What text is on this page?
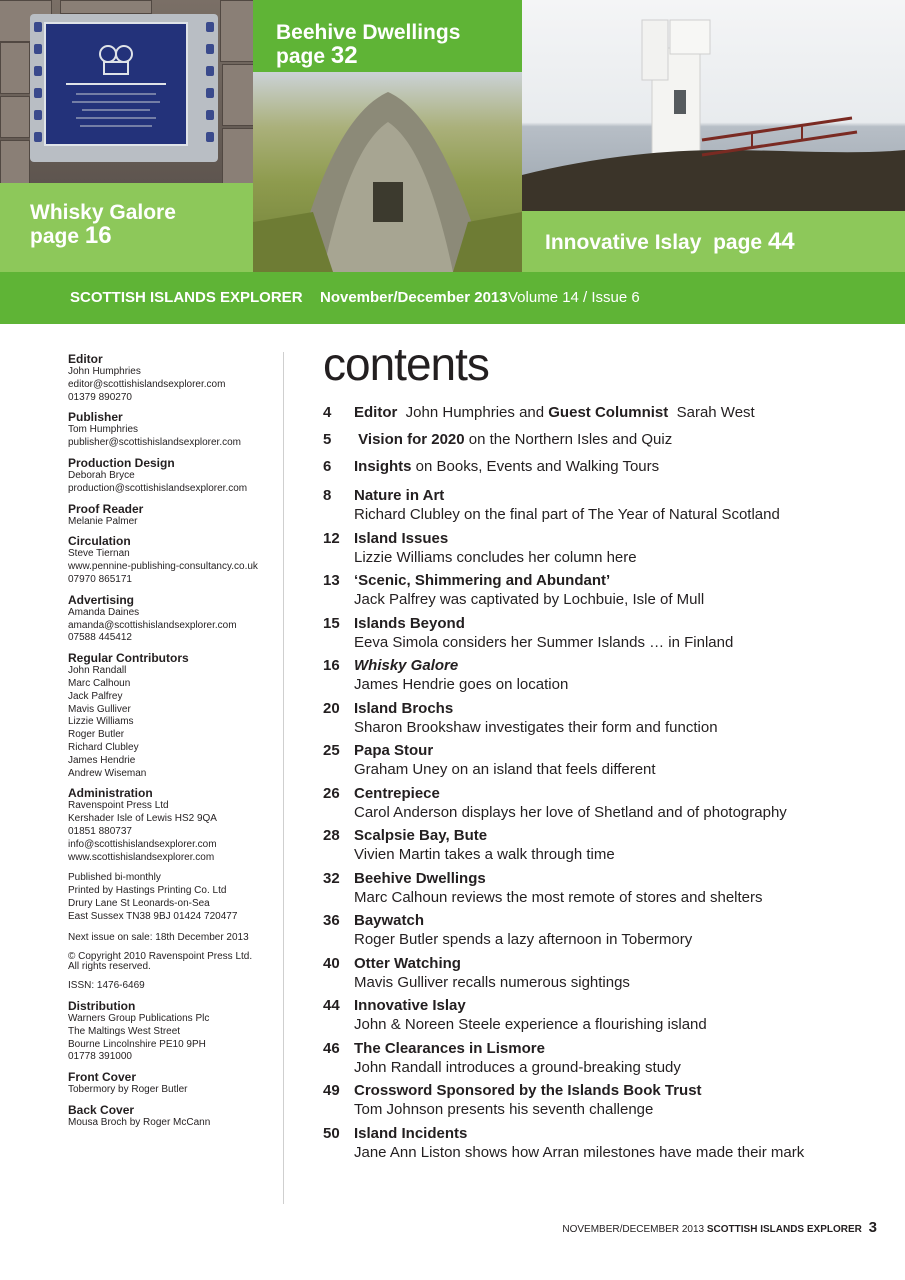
Whisky Galore
page 16
Beehive Dwellings
page 32
Innovative Islay page 44
SCOTTISH ISLANDS EXPLORER November/December 2013 Volume 14 / Issue 6

Editor

John Humphries

editor@scottishislandsexplorer.com

01379 890270

Publisher

Tom Humphries

publisher@scottishislandsexplorer.com

Production Design

Deborah Bryce

production@scottishislandsexplorer.com

Proof Reader

Melanie Palmer

Circulation

Steve Tiernan

www.pennine-publishing-consultancy.co.uk

07970 865171

Advertising

Amanda Daines

amanda@scottishislandsexplorer.com

07588 445412

Regular Contributors

John Randall

Marc Calhoun

Jack Palfrey

Mavis Gulliver

Lizzie Williams

Roger Butler

Richard Clubley

James Hendrie

Andrew Wiseman

Administration

Ravenspoint Press Ltd

Kershader Isle of Lewis HS2 9QA

01851 880737

info@scottishislandsexplorer.com

www.scottishislandsexplorer.com

Published bi-monthly

Printed by Hastings Printing Co. Ltd

Drury Lane St Leonards-on-Sea

East Sussex TN38 9BJ 01424 720477

Next issue on sale: 18th December 2013

© Copyright 2010 Ravenspoint Press Ltd.

All rights reserved.

ISSN: 1476-6469

Distribution

Warners Group Publications Plc

The Maltings West Street

Bourne Lincolnshire PE10 9PH

01778 391000

Front Cover

Tobermory by Roger Butler

Back Cover

Mousa Broch by Roger McCann

contents
4 Editor  John Humphries and Guest Columnist  Sarah West
5 Vision for 2020 on the Northern Isles and Quiz
6 Insights on Books, Events and Walking Tours
8 Nature in Art
Richard Clubley on the final part of The Year of Natural Scotland
12 Island Issues
Lizzie Williams concludes her column here
13 ‘Scenic, Shimmering and Abundant’
Jack Palfrey was captivated by Lochbuie, Isle of Mull
15 Islands Beyond
Eeva Simola considers her Summer Islands … in Finland
16 Whisky Galore
James Hendrie goes on location
20 Island Brochs
Sharon Brookshaw investigates their form and function
25 Papa Stour
Graham Uney on an island that feels different
26 Centrepiece
Carol Anderson displays her love of Shetland and of photography
28 Scalpsie Bay, Bute
Vivien Martin takes a walk through time
32 Beehive Dwellings
Marc Calhoun reviews the most remote of stores and shelters
36 Baywatch
Roger Butler spends a lazy afternoon in Tobermory
40 Otter Watching
Mavis Gulliver recalls numerous sightings
44 Innovative Islay
John & Noreen Steele experience a flourishing island
46 The Clearances in Lismore
John Randall introduces a ground-breaking study
49 Crossword Sponsored by the Islands Book Trust
Tom Johnson presents his seventh challenge
50 Island Incidents
Jane Ann Liston shows how Arran milestones have made their mark
NOVEMBER/DECEMBER 2013 SCOTTISH ISLANDS EXPLORER 3
